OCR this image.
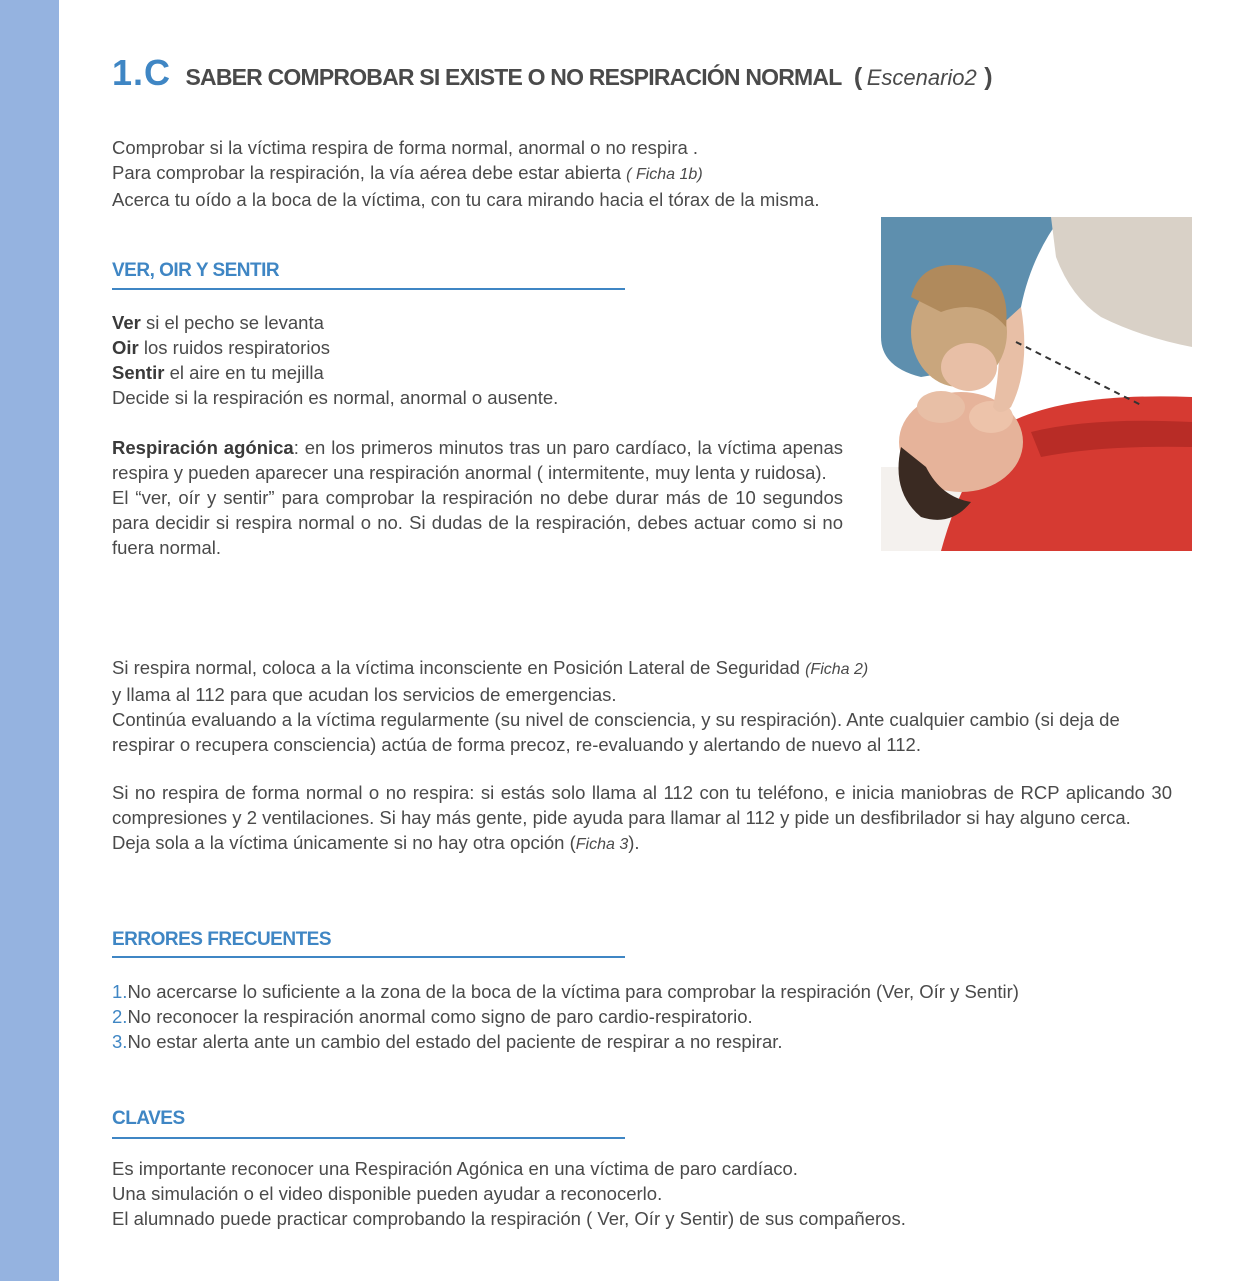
1.C SABER COMPROBAR SI EXISTE O NO RESPIRACIÓN NORMAL ( Escenario2 )

Comprobar si la víctima respira de forma normal, anormal o no respira .

Para comprobar la respiración, la vía aérea debe estar abierta ( Ficha 1b)

Acerca tu oído a la boca de la víctima, con tu cara mirando hacia el tórax de la misma.

VER, OIR Y SENTIR

Ver si el pecho se levanta

Oir los ruidos respiratorios

Sentir el aire en tu mejilla

Decide si la respiración es normal, anormal o ausente.

Respiración agónica: en los primeros minutos tras un paro cardíaco, la víctima apenas respira y pueden aparecer una respiración anormal ( intermitente, muy lenta y ruidosa).

El “ver, oír y sentir” para comprobar la respiración no debe durar más de 10 segundos para decidir si respira normal o no. Si dudas de la respiración, debes actuar como si no fuera normal.

Si respira normal, coloca a la víctima inconsciente en Posición Lateral de Seguridad (Ficha 2)

y llama al 112 para que acudan los servicios de emergencias.

Continúa evaluando a la víctima regularmente (su nivel de consciencia, y su respiración). Ante cualquier cambio (si deja de respirar o recupera consciencia) actúa de forma precoz, re-evaluando y alertando de nuevo al 112.

Si no respira de forma normal o no respira: si estás solo llama al 112 con tu teléfono, e inicia maniobras de RCP aplicando 30 compresiones y 2 ventilaciones. Si hay más gente, pide ayuda para llamar al 112 y pide un desfibrilador si hay alguno cerca.

Deja sola a la víctima únicamente si no hay otra opción (Ficha 3).

ERRORES FRECUENTES

1.No acercarse lo suficiente a la zona de la boca de la víctima para comprobar la respiración (Ver, Oír y Sentir)

2.No reconocer la respiración anormal como signo de paro cardio-respiratorio.

3.No estar alerta ante un cambio del estado del paciente de respirar a no respirar.

CLAVES

Es importante reconocer una Respiración Agónica en una víctima de paro cardíaco.

Una simulación o el video disponible pueden ayudar a reconocerlo.

El alumnado puede practicar comprobando la respiración ( Ver, Oír y Sentir) de sus compañeros.
